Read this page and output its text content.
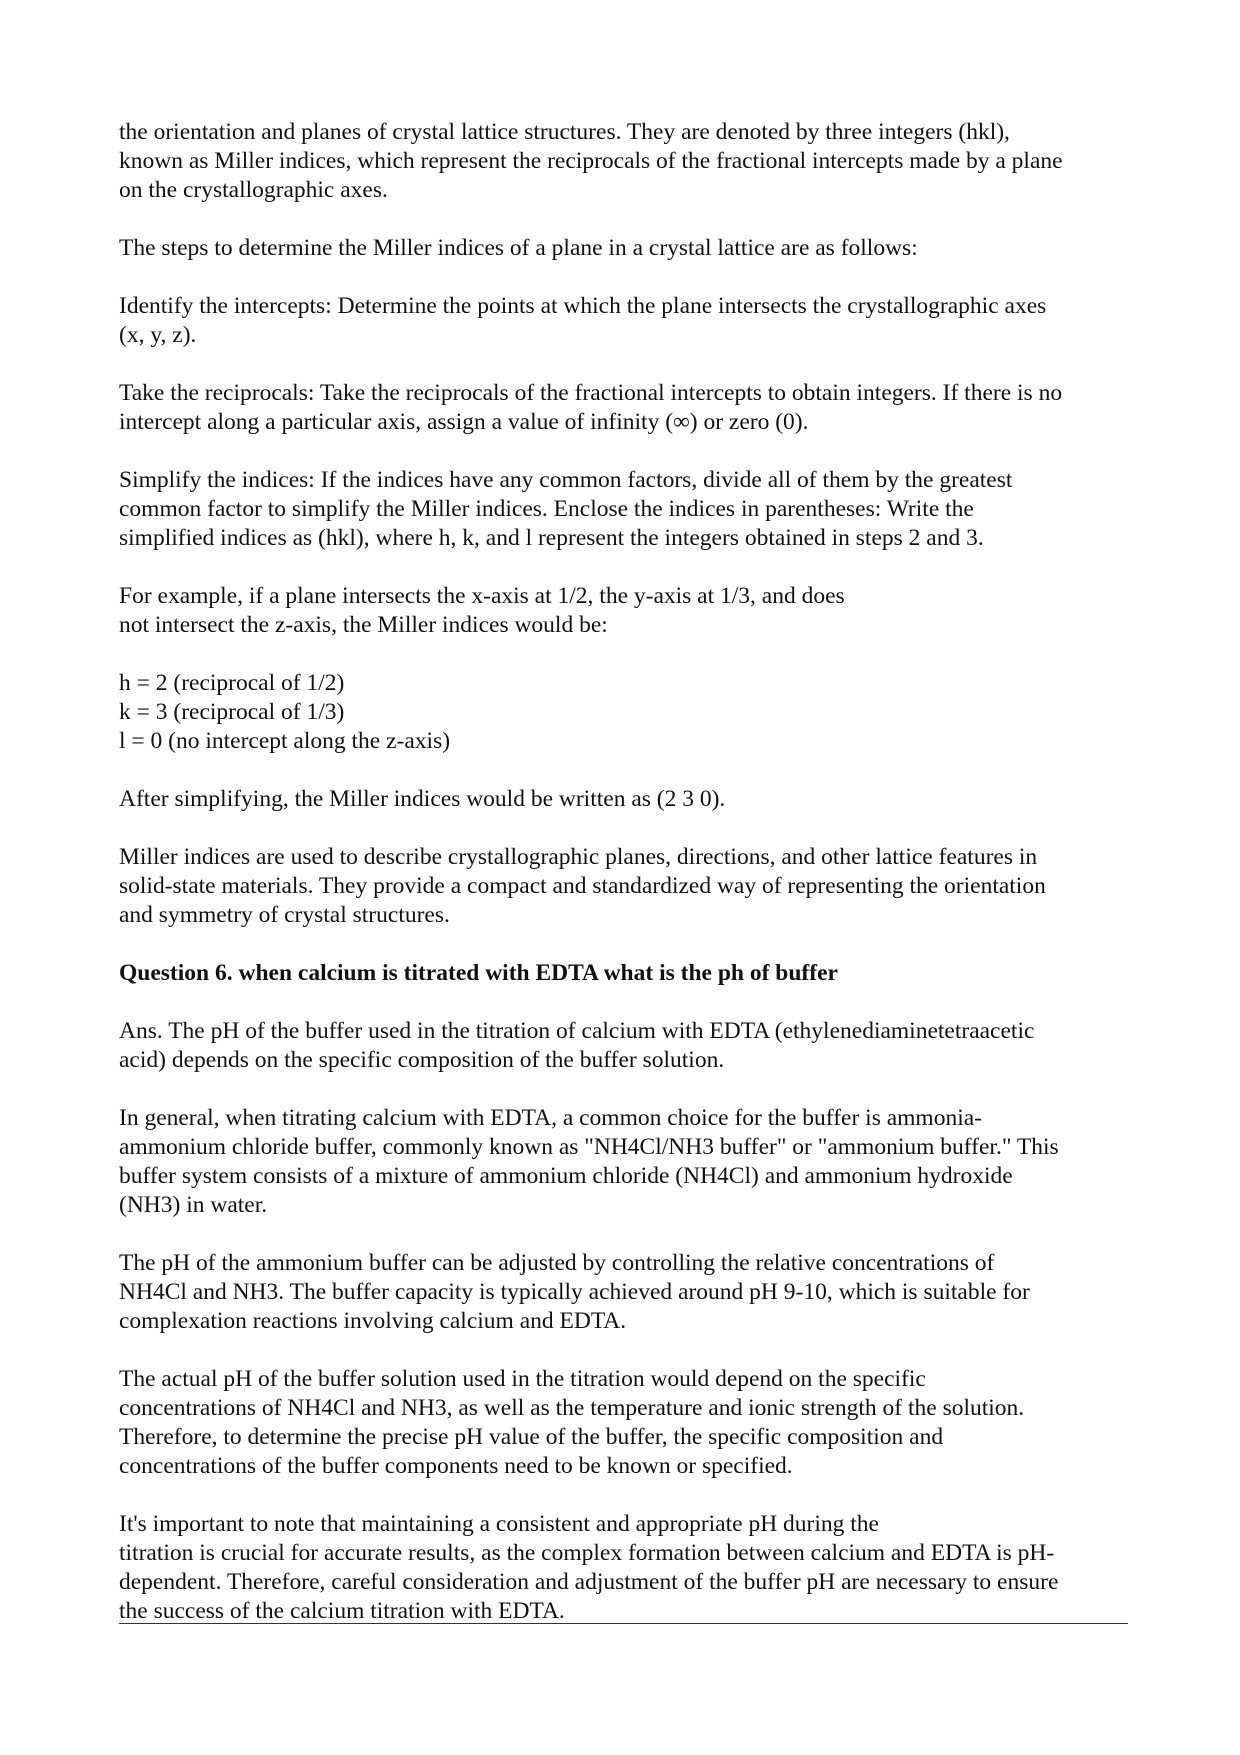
the orientation and planes of crystal lattice structures. They are denoted by three integers (hkl),
known as Miller indices, which represent the reciprocals of the fractional intercepts made by a plane
on the crystallographic axes.

The steps to determine the Miller indices of a plane in a crystal lattice are as follows:

Identify the intercepts: Determine the points at which the plane intersects the crystallographic axes
(x, y, z).

Take the reciprocals: Take the reciprocals of the fractional intercepts to obtain integers. If there is no
intercept along a particular axis, assign a value of infinity (∞) or zero (0).

Simplify the indices: If the indices have any common factors, divide all of them by the greatest
common factor to simplify the Miller indices. Enclose the indices in parentheses: Write the
simplified indices as (hkl), where h, k, and l represent the integers obtained in steps 2 and 3.

For example, if a plane intersects the x-axis at 1/2, the y-axis at 1/3, and does
not intersect the z-axis, the Miller indices would be:

h = 2 (reciprocal of 1/2)
k = 3 (reciprocal of 1/3)
l = 0 (no intercept along the z-axis)

After simplifying, the Miller indices would be written as (2 3 0).

Miller indices are used to describe crystallographic planes, directions, and other lattice features in
solid-state materials. They provide a compact and standardized way of representing the orientation
and symmetry of crystal structures.

Question 6. when calcium is titrated with EDTA what is the ph of buffer

Ans. The pH of the buffer used in the titration of calcium with EDTA (ethylenediaminetetraacetic
acid) depends on the specific composition of the buffer solution.

In general, when titrating calcium with EDTA, a common choice for the buffer is ammonia-
ammonium chloride buffer, commonly known as "NH4Cl/NH3 buffer" or "ammonium buffer." This
buffer system consists of a mixture of ammonium chloride (NH4Cl) and ammonium hydroxide
(NH3) in water.

The pH of the ammonium buffer can be adjusted by controlling the relative concentrations of
NH4Cl and NH3. The buffer capacity is typically achieved around pH 9-10, which is suitable for
complexation reactions involving calcium and EDTA.

The actual pH of the buffer solution used in the titration would depend on the specific
concentrations of NH4Cl and NH3, as well as the temperature and ionic strength of the solution.
Therefore, to determine the precise pH value of the buffer, the specific composition and
concentrations of the buffer components need to be known or specified.

It's important to note that maintaining a consistent and appropriate pH during the
titration is crucial for accurate results, as the complex formation between calcium and EDTA is pH-
dependent. Therefore, careful consideration and adjustment of the buffer pH are necessary to ensure
the success of the calcium titration with EDTA.
